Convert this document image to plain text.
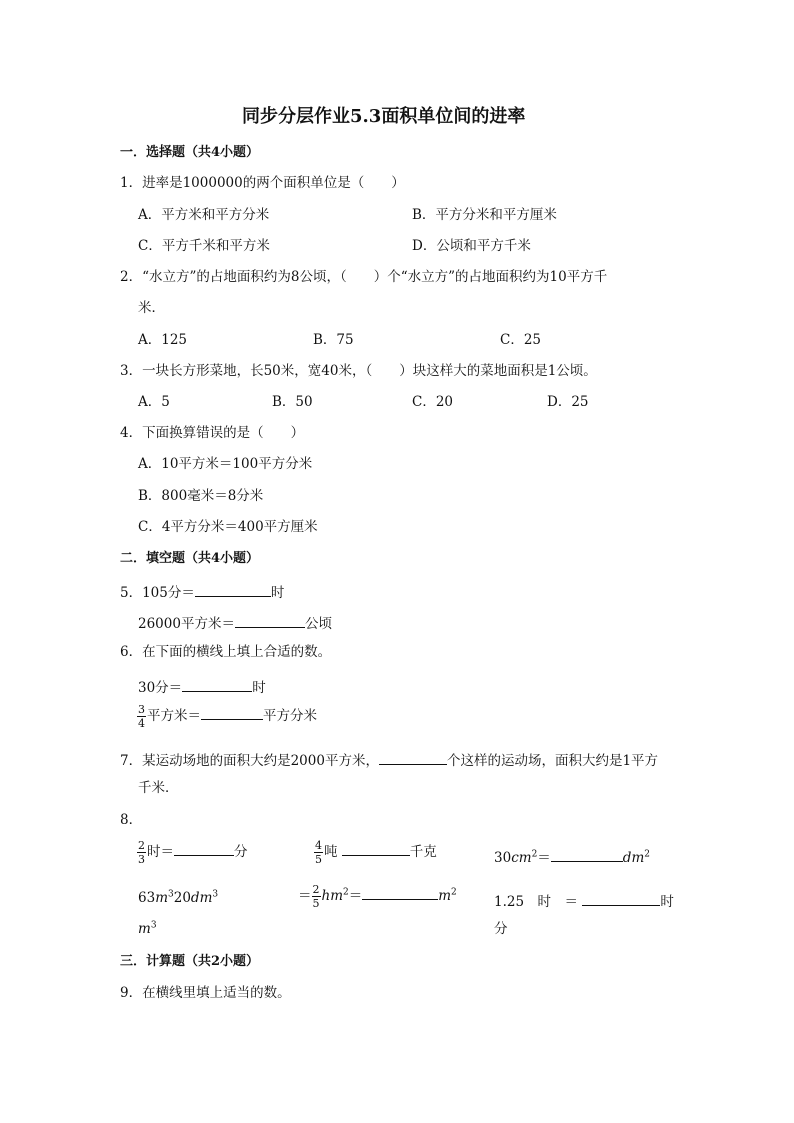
同步分层作业5.3面积单位间的进率
一．选择题（共4小题）
1．进率是1000000的两个面积单位是（　　）
A．平方米和平方分米	B．平方分米和平方厘米
C．平方千米和平方米	D．公顷和平方千米
2．“水立方”的占地面积约为8公顷，（　　）个“水立方”的占地面积约为10平方千
米．
A．125	B．75	C．25
3．一块长方形菜地，长50米，宽40米，（　　）块这样大的菜地面积是1公顷。
A．5	B．50	C．20	D．25
4．下面换算错误的是（　　）
A．10平方米＝100平方分米
B．800毫米＝8分米
C．4平方分米＝400平方厘米
二．填空题（共4小题）
5．105分＝	时
26000平方米＝	公顷
6．在下面的横线上填上合适的数。
30分＝	时
$\frac{3}{4}$ 平方米＝	平方分米
7．某运动场地的面积大约是2000平方米，	个这样的运动场，面积大约是1平方
千米．
8．
$\frac{2}{3}$ 时＝	分	$\frac{4}{5}$ 吨	千克	$30cm^2=$	$dm^2$
$63m^320dm^3$
$m^3$
＝ $\frac{2}{5} hm^2=$	$m^2$
1.25　时　＝	时
分
三．计算题（共2小题）
9．在横线里填上适当的数。
